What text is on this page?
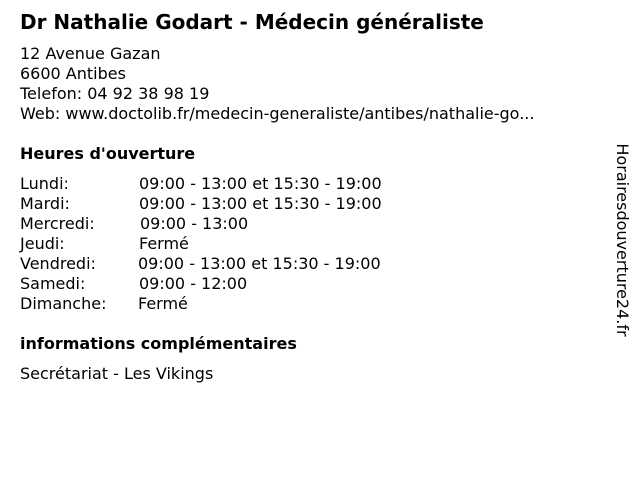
Dr Nathalie Godart - Médecin généraliste
12 Avenue Gazan
6600 Antibes
Telefon: 04 92 38 98 19
Web: www.doctolib.fr/medecin-generaliste/antibes/nathalie-go...
Heures d'ouverture
Lundi:	09:00 - 13:00 et 15:30 - 19:00
Mardi:	09:00 - 13:00 et 15:30 - 19:00
Mercredi:	09:00 - 13:00
Jeudi:	Fermé
Vendredi:	09:00 - 13:00 et 15:30 - 19:00
Samedi:	09:00 - 12:00
Dimanche: Fermé
informations complémentaires
Secrétariat - Les Vikings
Horairesdouverture24.fr
